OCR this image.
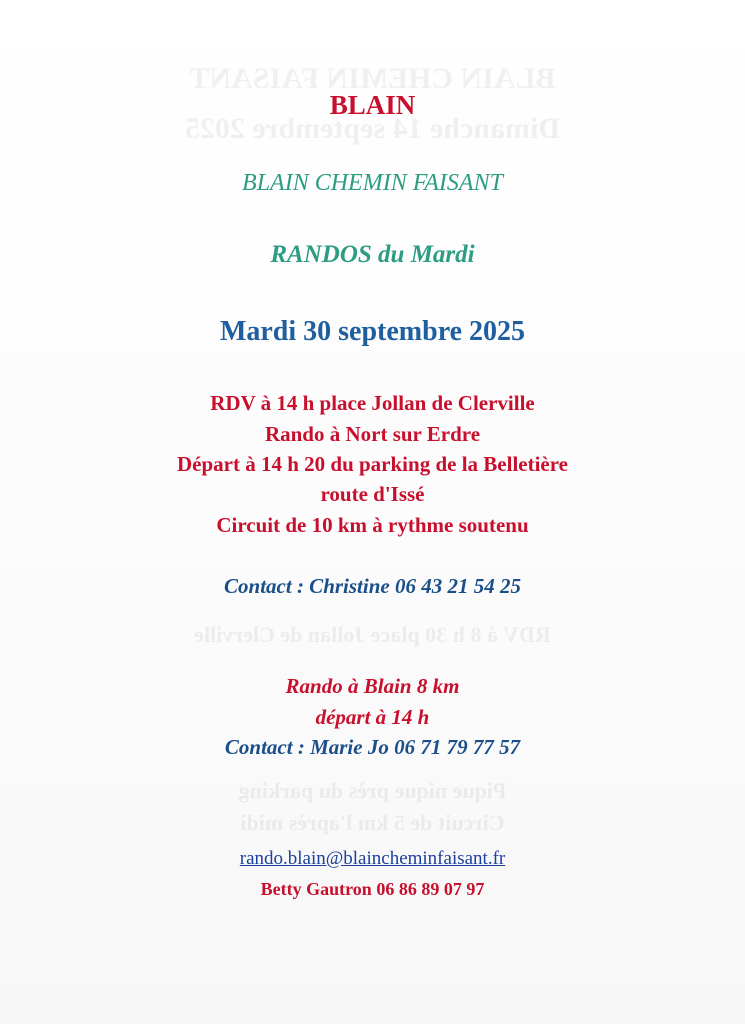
BLAIN CHEMIN FAISANT
Dimanche 14 septembre 2025
RDV à 8 h 30 place Jollan de Clerville
Pique nique près du parking
Circuit de 5 km l'après midi
BLAIN
BLAIN CHEMIN FAISANT
RANDOS du Mardi
Mardi 30 septembre 2025
RDV à 14 h place Jollan de Clerville
Rando à Nort sur Erdre
Départ à 14 h 20 du parking de la Belletière
route d'Issé
Circuit de 10 km à rythme soutenu
Contact : Christine 06 43 21 54 25
Rando à Blain 8 km
départ à 14 h
Contact : Marie Jo 06 71 79 77 57
rando.blain@blaincheminfaisant.fr
Betty Gautron 06 86 89 07 97
